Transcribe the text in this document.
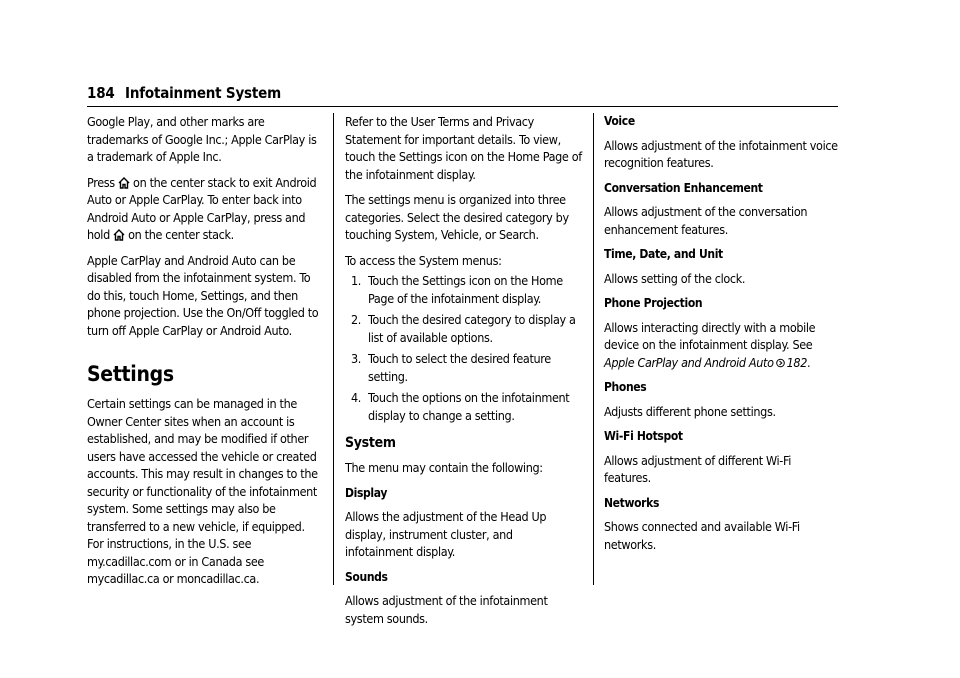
184 Infotainment System

Google Play, and other marks are trademarks of Google Inc.; Apple CarPlay is a trademark of Apple Inc.

Press on the center stack to exit Android Auto or Apple CarPlay. To enter back into Android Auto or Apple CarPlay, press and hold on the center stack.

Apple CarPlay and Android Auto can be disabled from the infotainment system. To do this, touch Home, Settings, and then phone projection. Use the On/Off toggled to turn off Apple CarPlay or Android Auto.

Settings

Certain settings can be managed in the Owner Center sites when an account is established, and may be modified if other users have accessed the vehicle or created accounts. This may result in changes to the security or functionality of the infotainment system. Some settings may also be transferred to a new vehicle, if equipped. For instructions, in the U.S. see my.cadillac.com or in Canada see mycadillac.ca or moncadillac.ca.

Refer to the User Terms and Privacy Statement for important details. To view, touch the Settings icon on the Home Page of the infotainment display.

The settings menu is organized into three categories. Select the desired category by touching System, Vehicle, or Search.

To access the System menus:

1. Touch the Settings icon on the Home Page of the infotainment display.
2. Touch the desired category to display a list of available options.
3. Touch to select the desired feature setting.
4. Touch the options on the infotainment display to change a setting.
System

The menu may contain the following:

Display

Allows the adjustment of the Head Up display, instrument cluster, and infotainment display.

Sounds

Allows adjustment of the infotainment system sounds.

Voice

Allows adjustment of the infotainment voice recognition features.

Conversation Enhancement

Allows adjustment of the conversation enhancement features.

Time, Date, and Unit

Allows setting of the clock.

Phone Projection

Allows interacting directly with a mobile device on the infotainment display. See Apple CarPlay and Android Auto 182.

Phones

Adjusts different phone settings.

Wi-Fi Hotspot

Allows adjustment of different Wi-Fi features.

Networks

Shows connected and available Wi-Fi networks.
